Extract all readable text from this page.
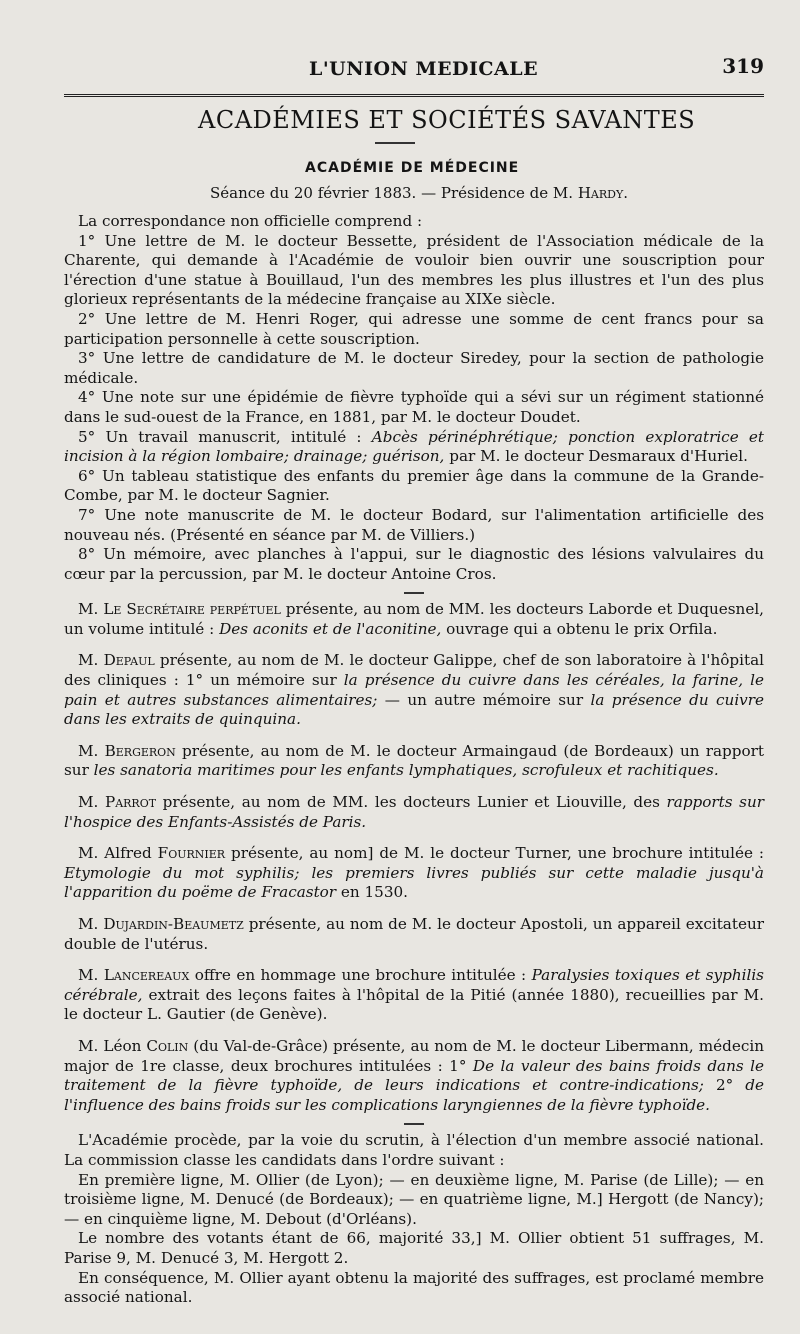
L'UNION MEDICALE	319
ACADÉMIES ET SOCIÉTÉS SAVANTES
ACADÉMIE DE MÉDECINE
Séance du 20 février 1883. — Présidence de M. Hardy.

La correspondance non officielle comprend :

1° Une lettre de M. le docteur Bessette, président de l'Association médicale de la Charente, qui demande à l'Académie de vouloir bien ouvrir une souscription pour l'érection d'une statue à Bouillaud, l'un des membres les plus illustres et l'un des plus glorieux représentants de la médecine française au XIXe siècle.

2° Une lettre de M. Henri Roger, qui adresse une somme de cent francs pour sa participation personnelle à cette souscription.

3° Une lettre de candidature de M. le docteur Siredey, pour la section de pathologie médicale.

4° Une note sur une épidémie de fièvre typhoïde qui a sévi sur un régiment stationné dans le sud-ouest de la France, en 1881, par M. le docteur Doudet.

5° Un travail manuscrit, intitulé : Abcès périnéphrétique; ponction exploratrice et incision à la région lombaire; drainage; guérison, par M. le docteur Desmaraux d'Huriel.

6° Un tableau statistique des enfants du premier âge dans la commune de la Grande-Combe, par M. le docteur Sagnier.

7° Une note manuscrite de M. le docteur Bodard, sur l'alimentation artificielle des nouveau nés. (Présenté en séance par M. de Villiers.)

8° Un mémoire, avec planches à l'appui, sur le diagnostic des lésions valvulaires du cœur par la percussion, par M. le docteur Antoine Cros.

M. Le Secrétaire perpétuel présente, au nom de MM. les docteurs Laborde et Duquesnel, un volume intitulé : Des aconits et de l'aconitine, ouvrage qui a obtenu le prix Orfila.

M. Depaul présente, au nom de M. le docteur Galippe, chef de son laboratoire à l'hôpital des cliniques : 1° un mémoire sur la présence du cuivre dans les céréales, la farine, le pain et autres substances alimentaires; — un autre mémoire sur la présence du cuivre dans les extraits de quinquina.

M. Bergeron présente, au nom de M. le docteur Armaingaud (de Bordeaux) un rapport sur les sanatoria maritimes pour les enfants lymphatiques, scrofuleux et rachitiques.

M. Parrot présente, au nom de MM. les docteurs Lunier et Liouville, des rapports sur l'hospice des Enfants-Assistés de Paris.

M. Alfred Fournier présente, au nom] de M. le docteur Turner, une brochure intitulée : Etymologie du mot syphilis; les premiers livres publiés sur cette maladie jusqu'à l'apparition du poëme de Fracastor en 1530.

M. Dujardin-Beaumetz présente, au nom de M. le docteur Apostoli, un appareil excitateur double de l'utérus.

M. Lancereaux offre en hommage une brochure intitulée : Paralysies toxiques et syphilis cérébrale, extrait des leçons faites à l'hôpital de la Pitié (année 1880), recueillies par M. le docteur L. Gautier (de Genève).

M. Léon Colin (du Val-de-Grâce) présente, au nom de M. le docteur Libermann, médecin major de 1re classe, deux brochures intitulées : 1° De la valeur des bains froids dans le traitement de la fièvre typhoïde, de leurs indications et contre-indications; 2° de l'influence des bains froids sur les complications laryngiennes de la fièvre typhoïde.

L'Académie procède, par la voie du scrutin, à l'élection d'un membre associé national. La commission classe les candidats dans l'ordre suivant :

En première ligne, M. Ollier (de Lyon); — en deuxième ligne, M. Parise (de Lille); — en troisième ligne, M. Denucé (de Bordeaux); — en quatrième ligne, M.] Hergott (de Nancy); — en cinquième ligne, M. Debout (d'Orléans).

Le nombre des votants étant de 66, majorité 33,] M. Ollier obtient 51 suffrages, M. Parise 9, M. Denucé 3, M. Hergott 2.

En conséquence, M. Ollier ayant obtenu la majorité des suffrages, est proclamé membre associé national.
